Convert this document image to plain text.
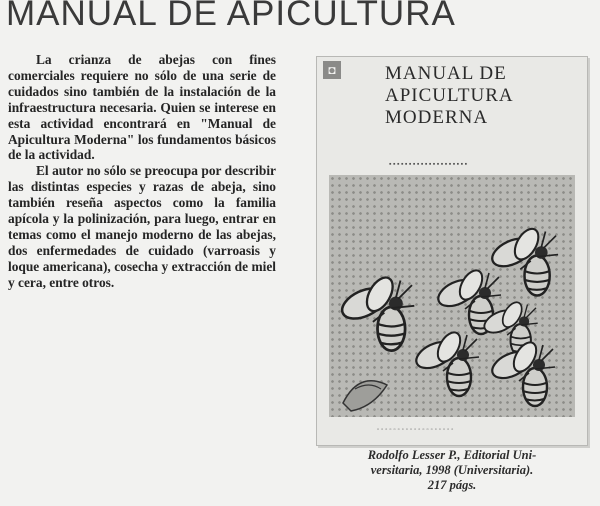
MANUAL DE APICULTURA

La crianza de abejas con fines comerciales requiere no sólo de una serie de cuidados sino también de la instalación de la infraestructura necesaria. Quien se interese en esta actividad encontrará en "Manual de Apicultura Moderna" los fundamentos básicos de la actividad.

El autor no sólo se preocupa por describir las distintas especies y razas de abeja, sino también reseña aspectos como la familia apícola y la polinización, para luego, entrar en temas como el manejo moderno de las abejas, dos enfermedades de cuidado (varroasis y loque americana), cosecha y extracción de miel y cera, entre otros.

◘	MANUAL DE
APICULTURA
MODERNA
▪▪▪▪▪▪▪▪▪▪▪▪▪▪▪▪▪▪▪▪
▫▫▫▫▫▫▫▫▫▫▫▫▫▫▫▫▫▫▫
Rodolfo Lesser P., Editorial Uni-
versitaria, 1998 (Universitaria).
217 págs.
